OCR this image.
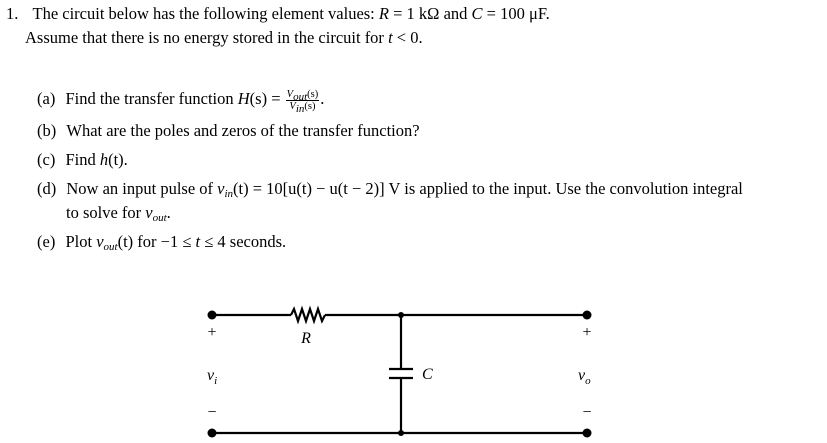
1. The circuit below has the following element values: R = 1 kΩ and C = 100 μF.
Assume that there is no energy stored in the circuit for t < 0.
(a) Find the transfer function $H(s) = \frac{V_{out}(s)}{V_{in}(s)}$ .
(b) What are the poles and zeros of the transfer function?
(c) Find h(t).
(d) Now an input pulse of $v_{in}(t) = 10[u(t) - u(t - 2)]$ V is applied to the input. Use the convolution integral
to solve for $v_{out}$.
(e) Plot $v_{out}(t)$ for −1 ≤ t ≤ 4 seconds.
+
−
+
−
R
C
$v_i$	$v_o$
